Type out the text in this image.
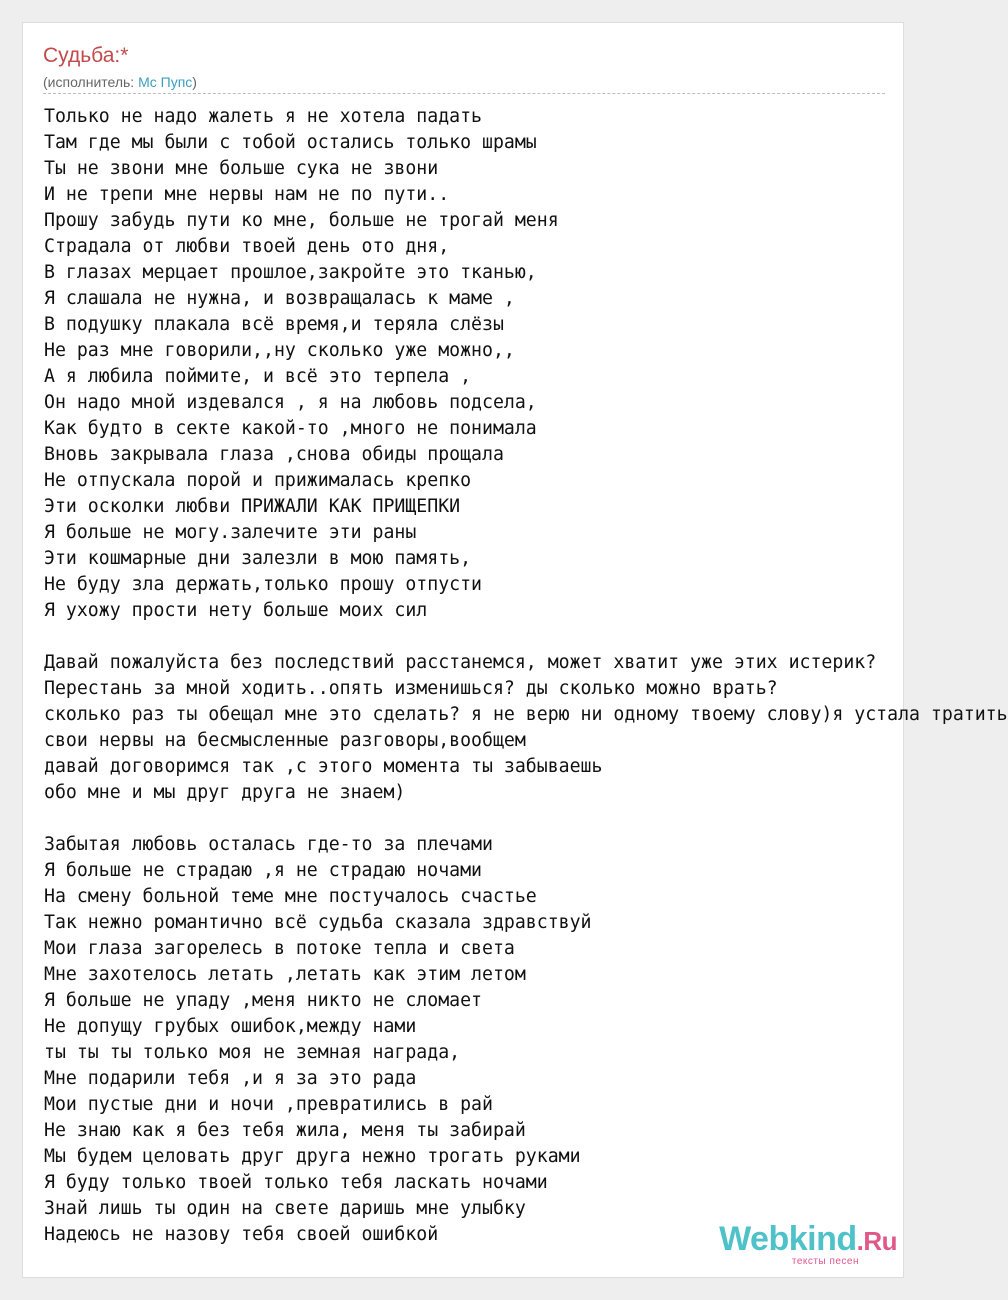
Судьба:*
(исполнитель: Mc Пупс)
Только не надо жалеть я не хотела падать
Там где мы были с тобой остались только шрамы
Ты не звони мне больше сука не звони
И не трепи мне нервы нам не по пути..
Прошу забудь пути ко мне, больше не трогай меня
Страдала от любви твоей день ото дня,
В глазах мерцает прошлое,закройте это тканью,
Я слашала не нужна, и возвращалась к маме ,
В подушку плакала всё время,и теряла слёзы
Не раз мне говорили,,ну сколько уже можно,,
А я любила поймите, и всё это терпела ,
Он надо мной издевался , я на любовь подсела,
Как будто в секте какой-то ,много не понимала
Вновь закрывала глаза ,снова обиды прощала
Не отпускала порой и прижималась крепко
Эти осколки любви ПРИЖАЛИ КАК ПРИЩЕПКИ
Я больше не могу.залечите эти раны
Эти кошмарные дни залезли в мою память,
Не буду зла держать,только прошу отпусти
Я ухожу прости нету больше моих сил

Давай пожалуйста без последствий расстанемся, может хватит уже этих истерик?
Перестань за мной ходить..опять изменишься? ды сколько можно врать?
сколько раз ты обещал мне это сделать? я не верю ни одному твоему слову)я устала тратить
свои нервы на бесмысленные разговоры,вообщем
давай договоримся так ,с этого момента ты забываешь
обо мне и мы друг друга не знаем)

Забытая любовь осталась где-то за плечами
Я больше не страдаю ,я не страдаю ночами
На смену больной теме мне постучалось счастье
Так нежно романтично всё судьба сказала здравствуй
Мои глаза загорелесь в потоке тепла и света
Мне захотелось летать ,летать как этим летом
Я больше не упаду ,меня никто не сломает
Не допущу грубых ошибок,между нами
ты ты ты только моя не земная награда,
Мне подарили тебя ,и я за это рада
Мои пустые дни и ночи ,превратились в рай
Не знаю как я без тебя жила, меня ты забирай
Мы будем целовать друг друга нежно трогать руками
Я буду только твоей только тебя ласкать ночами
Знай лишь ты один на свете даришь мне улыбку
Надеюсь не назову тебя своей ошибкой	Webkind.Ru
тексты песен
